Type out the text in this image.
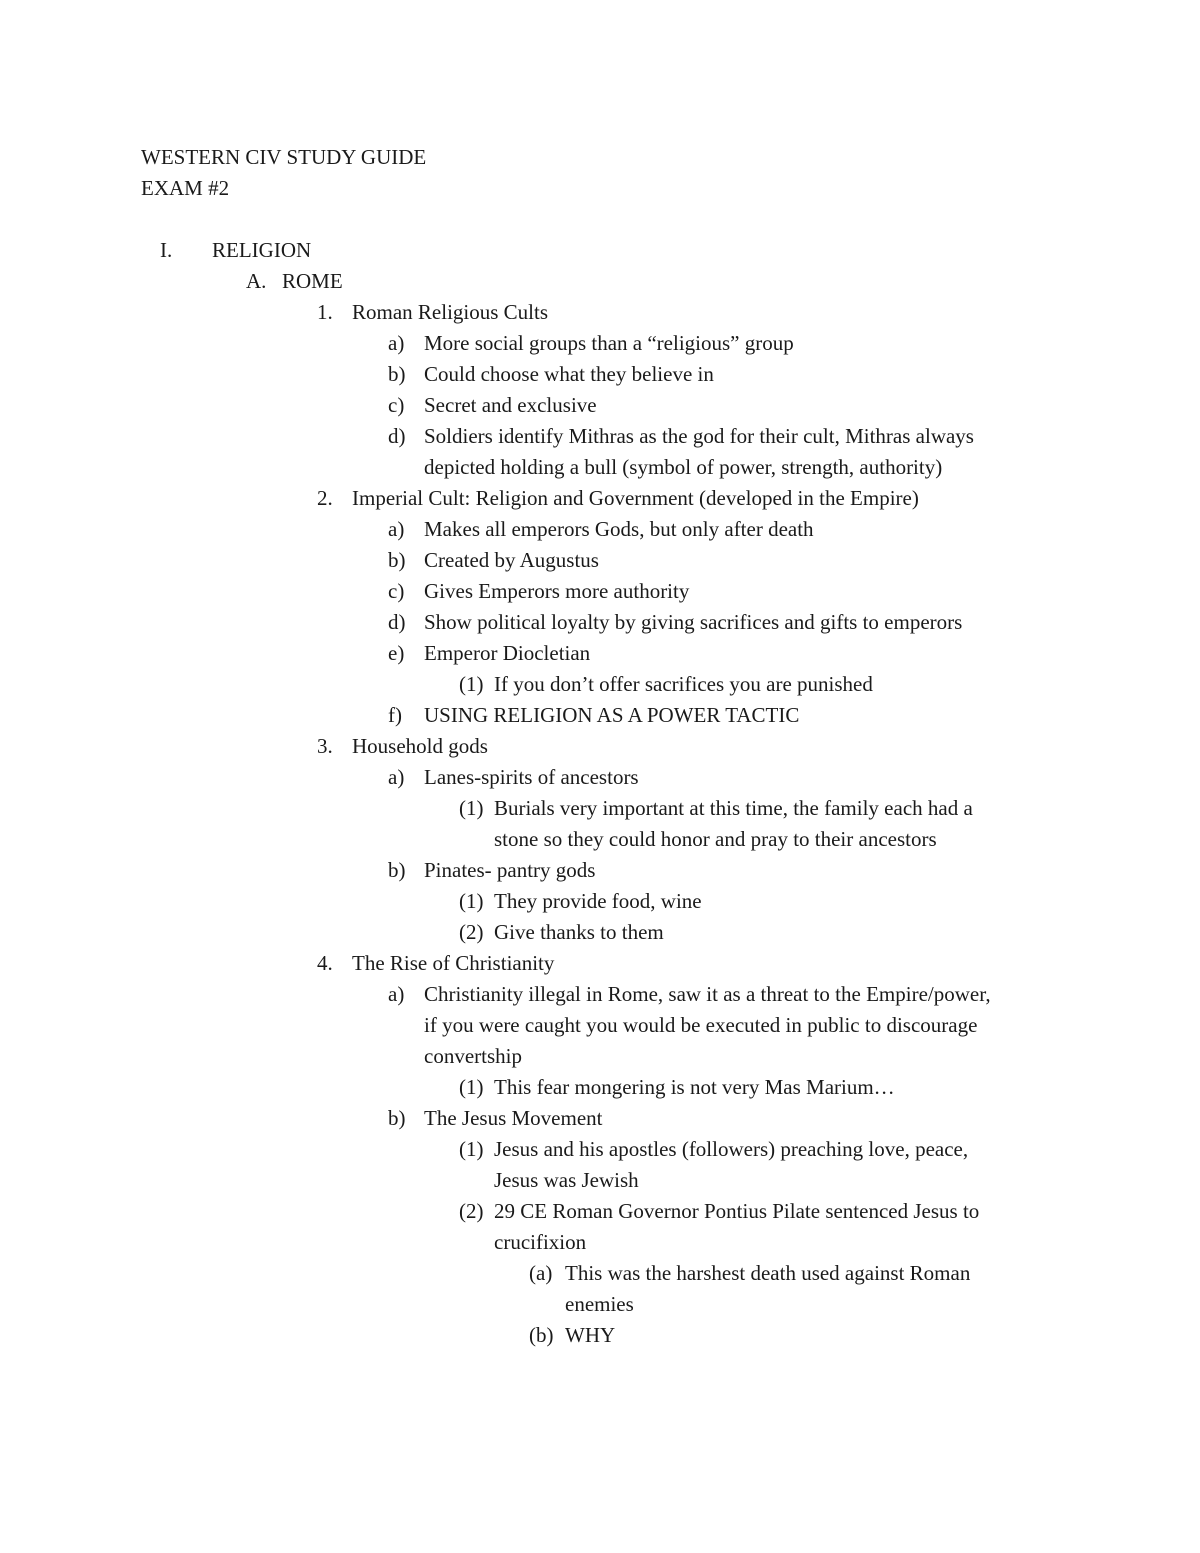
WESTERN CIV STUDY GUIDE
EXAM #2
I. RELIGION
A. ROME
1. Roman Religious Cults
a) More social groups than a “religious” group
b) Could choose what they believe in
c) Secret and exclusive
d) Soldiers identify Mithras as the god for their cult, Mithras always
depicted holding a bull (symbol of power, strength, authority)
2. Imperial Cult: Religion and Government (developed in the Empire)
a) Makes all emperors Gods, but only after death
b) Created by Augustus
c) Gives Emperors more authority
d) Show political loyalty by giving sacrifices and gifts to emperors
e) Emperor Diocletian
(1) If you don’t offer sacrifices you are punished
f) USING RELIGION AS A POWER TACTIC
3. Household gods
a) Lanes-spirits of ancestors
(1) Burials very important at this time, the family each had a
stone so they could honor and pray to their ancestors
b) Pinates- pantry gods
(1) They provide food, wine
(2) Give thanks to them
4. The Rise of Christianity
a) Christianity illegal in Rome, saw it as a threat to the Empire/power,
if you were caught you would be executed in public to discourage
convertship
(1) This fear mongering is not very Mas Marium…
b) The Jesus Movement
(1) Jesus and his apostles (followers) preaching love, peace,
Jesus was Jewish
(2) 29 CE Roman Governor Pontius Pilate sentenced Jesus to
crucifixion
(a) This was the harshest death used against Roman
enemies
(b) WHY
